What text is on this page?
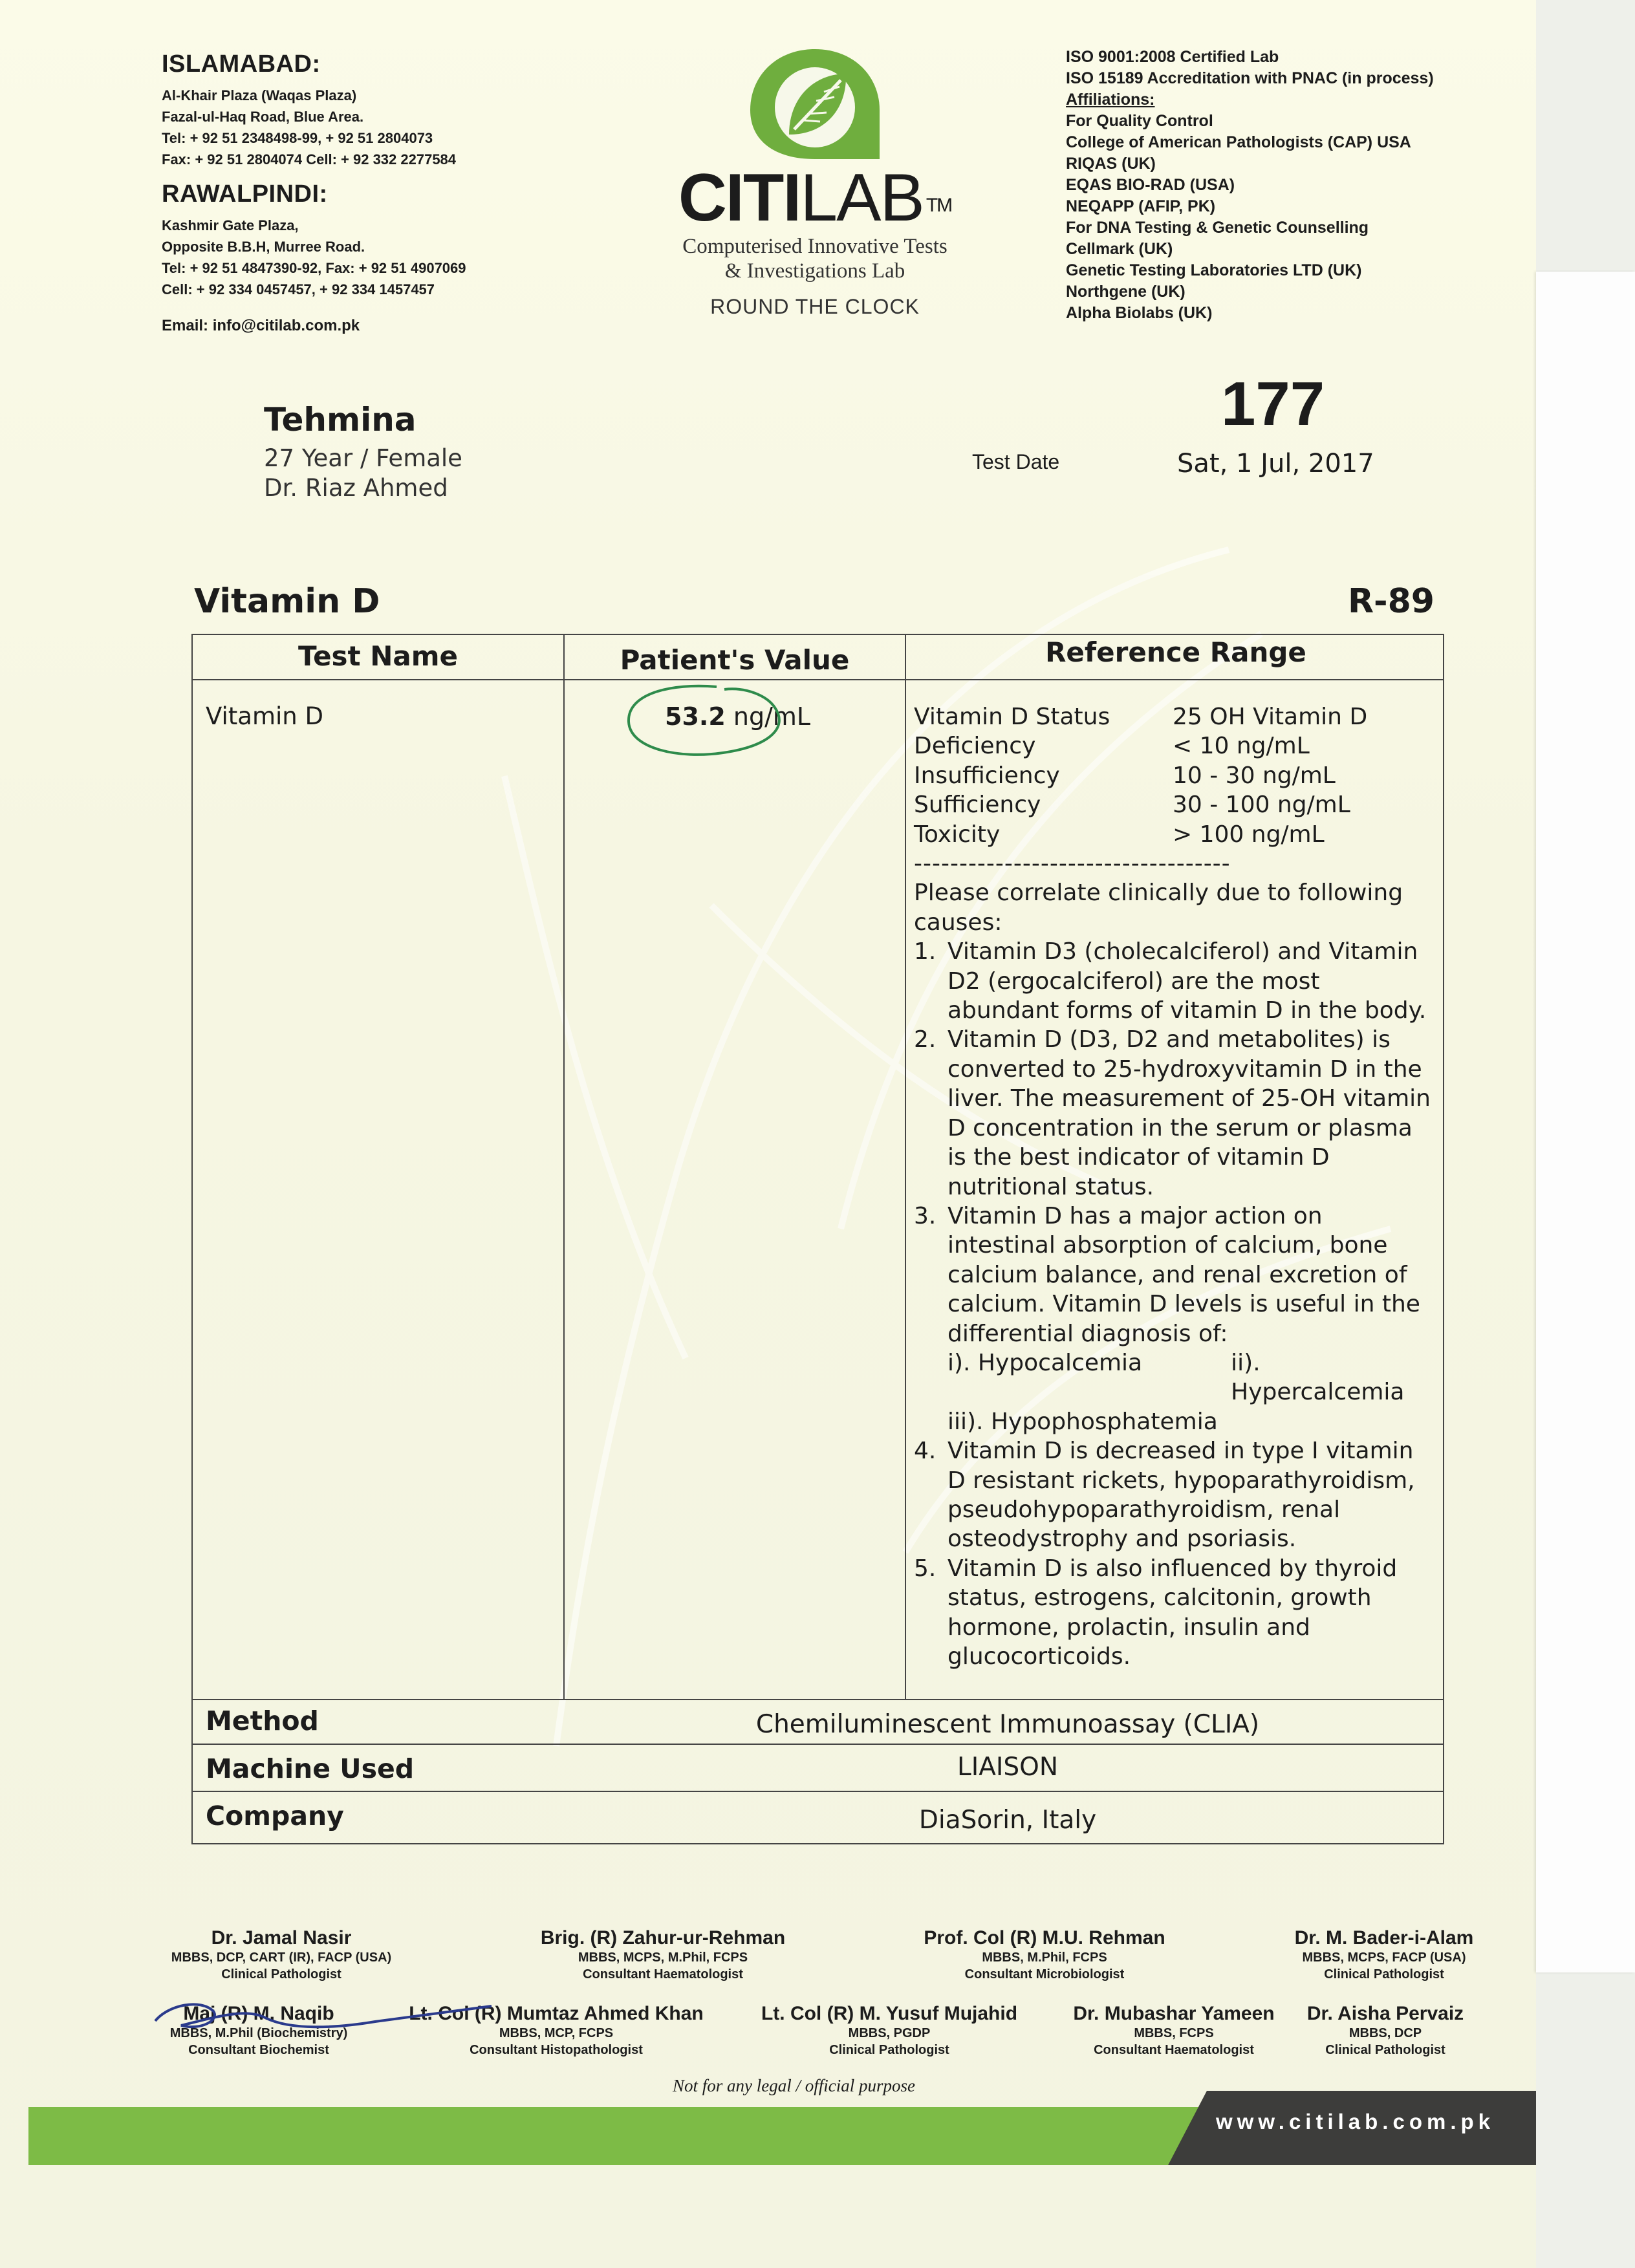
ISLAMABAD:
Al-Khair Plaza (Waqas Plaza)
Fazal-ul-Haq Road, Blue Area.
Tel: + 92 51 2348498-99, + 92 51 2804073
Fax: + 92 51 2804074 Cell: + 92 332 2277584
RAWALPINDI:
Kashmir Gate Plaza,
Opposite B.B.H, Murree Road.
Tel: + 92 51 4847390-92, Fax: + 92 51 4907069
Cell: + 92 334 0457457, + 92 334 1457457
Email: info@citilab.com.pk
CITILAB ™
Computerised Innovative Tests
& Investigations Lab
ROUND THE CLOCK
ISO 9001:2008 Certified Lab
ISO 15189 Accreditation with PNAC (in process)
Affiliations:
For Quality Control
College of American Pathologists (CAP) USA
RIQAS (UK)
EQAS BIO-RAD (USA)
NEQAPP (AFIP, PK)
For DNA Testing & Genetic Counselling
Cellmark (UK)
Genetic Testing Laboratories LTD (UK)
Northgene (UK)
Alpha Biolabs (UK)
Tehmina
27 Year / Female
Dr. Riaz Ahmed
Test Date
177
Sat, 1 Jul, 2017
Vitamin D	R-89
Test Name	Patient's Value	Reference Range
Vitamin D	53.2 ng/mL	Vitamin D Status	25 OH Vitamin D
Deficiency	< 10 ng/mL
Insufficiency	10 - 30 ng/mL
Sufficiency	30 - 100 ng/mL
Toxicity	> 100 ng/mL
-----------------------------------
Please correlate clinically due to following causes:
1. Vitamin D3 (cholecalciferol) and Vitamin D2 (ergocalciferol) are the most abundant forms of vitamin D in the body.
2. Vitamin D (D3, D2 and metabolites) is converted to 25-hydroxyvitamin D in the liver. The measurement of 25-OH vitamin D concentration in the serum or plasma is the best indicator of vitamin D nutritional status.
3. Vitamin D has a major action on intestinal absorption of calcium, bone calcium balance, and renal excretion of calcium. Vitamin D levels is useful in the differential diagnosis of:
i). Hypocalcemia	ii). Hypercalcemia
iii). Hypophosphatemia
4. Vitamin D is decreased in type I vitamin D resistant rickets, hypoparathyroidism, pseudohypoparathyroidism, renal osteodystrophy and psoriasis.
5. Vitamin D is also influenced by thyroid status, estrogens, calcitonin, growth hormone, prolactin, insulin and glucocorticoids.
Method	Chemiluminescent Immunoassay (CLIA)
Machine Used	LIAISON
Company	DiaSorin, Italy
Dr. Jamal Nasir
MBBS, DCP, CART (IR), FACP (USA)
Clinical Pathologist
Brig. (R) Zahur-ur-Rehman
MBBS, MCPS, M.Phil, FCPS
Consultant Haematologist
Prof. Col (R) M.U. Rehman
MBBS, M.Phil, FCPS
Consultant Microbiologist
Dr. M. Bader-i-Alam
MBBS, MCPS, FACP (USA)
Clinical Pathologist
Maj (R) M. Naqib
MBBS, M.Phil (Biochemistry)
Consultant Biochemist
Lt. Col (R) Mumtaz Ahmed Khan
MBBS, MCP, FCPS
Consultant Histopathologist
Lt. Col (R) M. Yusuf Mujahid
MBBS, PGDP
Clinical Pathologist
Dr. Mubashar Yameen
MBBS, FCPS
Consultant Haematologist
Dr. Aisha Pervaiz
MBBS, DCP
Clinical Pathologist
Not for any legal / official purpose
www.citilab.com.pk
